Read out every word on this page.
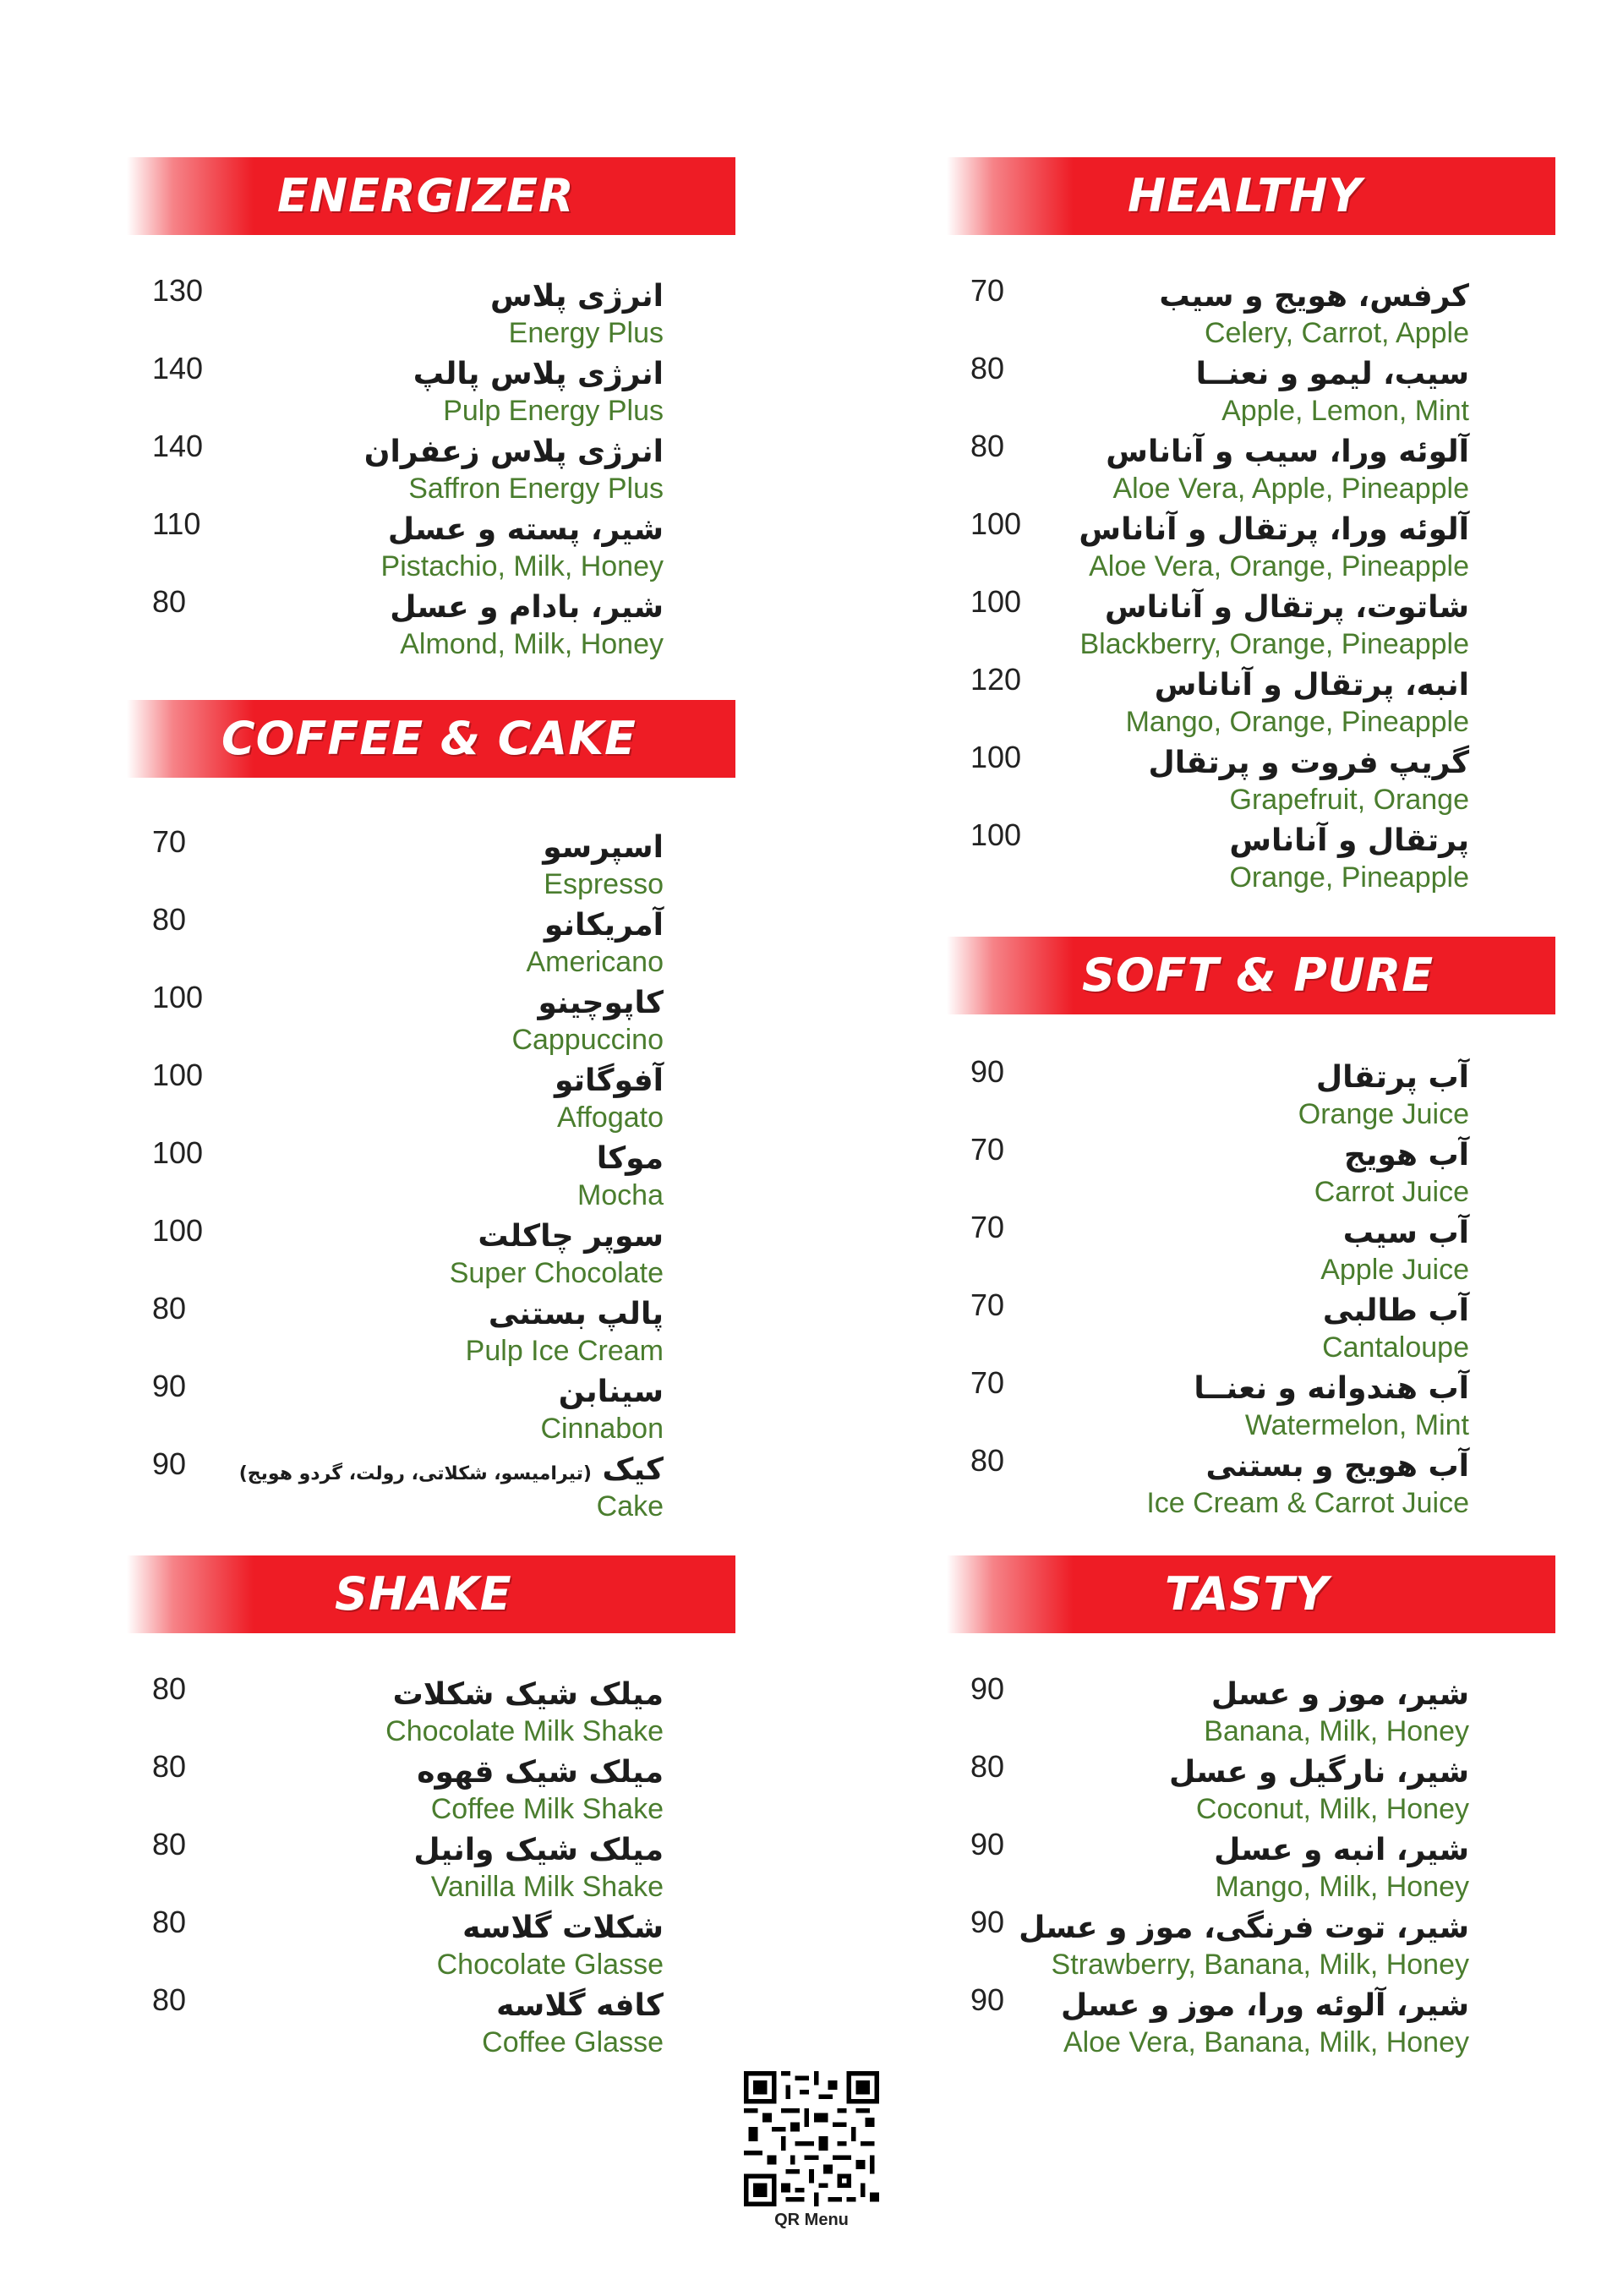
ENERGIZER	HEALTHY
COFFEE & CAKE
SOFT & PURE
SHAKE	TASTY
130	انرژی پلاس
Energy Plus
140	انرژی پلاس پالپ
Pulp Energy Plus
140	انرژی پلاس زعفران
Saffron Energy Plus
110	شیر، پسته و عسل
Pistachio, Milk, Honey
80	شیر، بادام و عسل
Almond, Milk, Honey
70	کرفس، هویج و سیب
Celery, Carrot, Apple
80	سیب، لیمو و نعنــا
Apple, Lemon, Mint
80	آلوئه ورا، سیب و آناناس
Aloe Vera, Apple, Pineapple
100 آلوئه ورا، پرتقال و آناناس
Aloe Vera, Orange, Pineapple
100	شاتوت، پرتقال و آناناس
Blackberry, Orange, Pineapple
120	انبه، پرتقال و آناناس
Mango, Orange, Pineapple
100	گریپ فروت و پرتقال
Grapefruit, Orange
100	پرتقال و آناناس
Orange, Pineapple
70	اسپرسو
Espresso
80	آمریکانو
Americano
100	کاپوچینو
Cappuccino
100	آفوگاتو
Affogato
100	موکا
Mocha
100	سوپر چاکلت
Super Chocolate
80	پالپ بستنی
Pulp Ice Cream
90	سینابن
Cinnabon
90	کیک (تیرامیسو، شکلاتی، رولت، گردو هویج)
Cake
90	آب پرتقال
Orange Juice
70	آب هویج
Carrot Juice
70	آب سیب
Apple Juice
70	آب طالبی
Cantaloupe
70	آب هندوانه و نعنــا
Watermelon, Mint
80	آب هویج و بستنی
Ice Cream & Carrot Juice
80	میلک شیک شکلات
Chocolate Milk Shake
80	میلک شیک قهوه
Coffee Milk Shake
80	میلک شیک وانیل
Vanilla Milk Shake
80	شکلات گلاسه
Chocolate Glasse
80	کافه گلاسه
Coffee Glasse
90	شیر، موز و عسل
Banana, Milk, Honey
80	شیر، نارگیل و عسل
Coconut, Milk, Honey
90	شیر، انبه و عسل
Mango, Milk, Honey
90 شیر، توت فرنگی، موز و عسل
Strawberry, Banana, Milk, Honey
90 شیر، آلوئه ورا، موز و عسل
Aloe Vera, Banana, Milk, Honey
QR Menu
